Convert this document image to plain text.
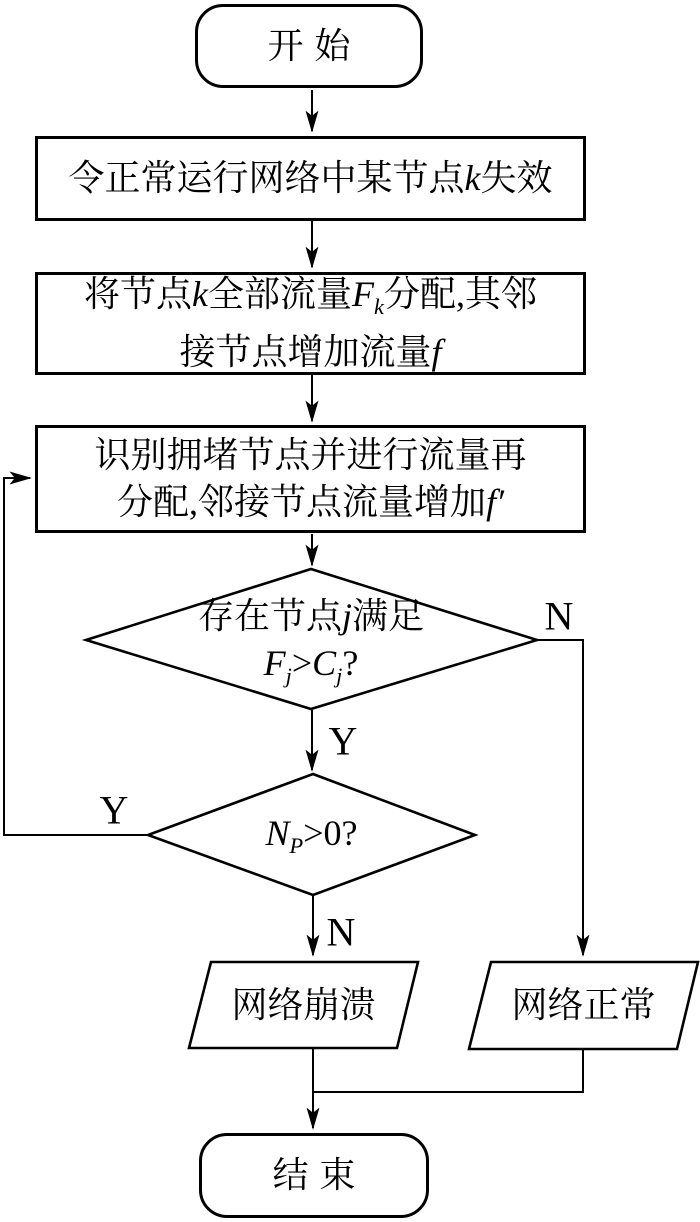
开始
令正常运行网络中某节点k失效
将节点k全部流量$F_k$分配,其邻
接节点增加流量f
识别拥堵节点并进行流量再
分配,邻接节点流量增加f′
存在节点j满足
$F_j>C_j$?
$N_P>0$?
网络崩溃	网络正常
结束
N
Y
Y
N
